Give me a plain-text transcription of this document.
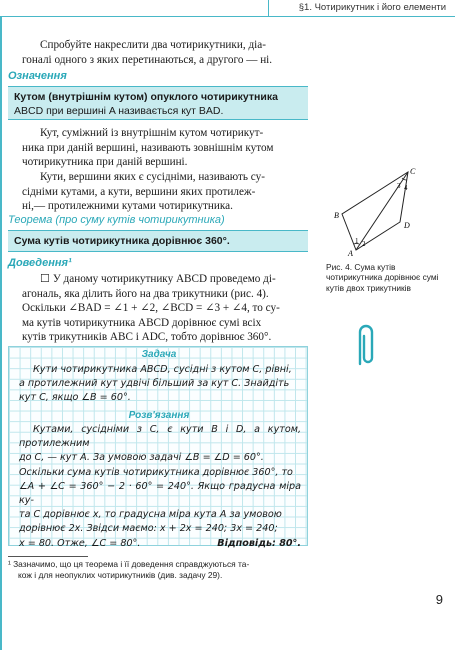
§1. Чотирикутник і його елементи
Спробуйте накреслити два чотирикутники, діа-
гоналі одного з яких перетинаються, а другого — ні.
Означення
Кутом (внутрішнім кутом) опуклого чотирикутника
ABCD при вершині A називається кут BAD.
Кут, суміжний із внутрішнім кутом чотирикут-
ника при даній вершині, називають зовнішнім кутом
чотирикутника при даній вершині.
Кути, вершини яких є сусідніми, називають су-
сідніми кутами, а кути, вершини яких протилеж-
ні,— протилежними кутами чотирикутника.
Теорема (про суму кутів чотирикутника)
Сума кутів чотирикутника дорівнює 360°.
Доведення¹
☐ У даному чотирикутнику ABCD проведемо ді-
агональ, яка ділить його на два трикутники (рис. 4).
Оскільки ∠BAD = ∠1 + ∠2, ∠BCD = ∠3 + ∠4, то су-
ма кутів чотирикутника ABCD дорівнює сумі всіх
кутів трикутників ABC і ADC, тобто дорівнює 360°.

A
B
C
D
1 2
3 4
Рис. 4. Сума кутів чотирикутника дорівнює сумі кутів двох трикутників
Задача
Кути чотирикутника ABCD, сусідні з кутом C, рівні,
а протилежний кут удвічі більший за кут C. Знайдіть
кут C, якщо ∠B = 60°.
Розв'язання
Кутами, сусідніми з C, є кути B і D, а кутом, протилежним
до C, — кут A. За умовою задачі ∠B = ∠D = 60°.
Оскільки сума кутів чотирикутника дорівнює 360°, то
∠A + ∠C = 360° − 2 · 60° = 240°. Якщо градусна міра ку-
та C дорівнює x, то градусна міра кута A за умовою
дорівнює 2x. Звідси маємо: x + 2x = 240; 3x = 240;
x = 80. Отже, ∠C = 80°.	Відповідь: 80°.
¹ Зазначимо, що ця теорема і її доведення справджуються та-
кож і для неопуклих чотирикутників (див. задачу 29).
9
